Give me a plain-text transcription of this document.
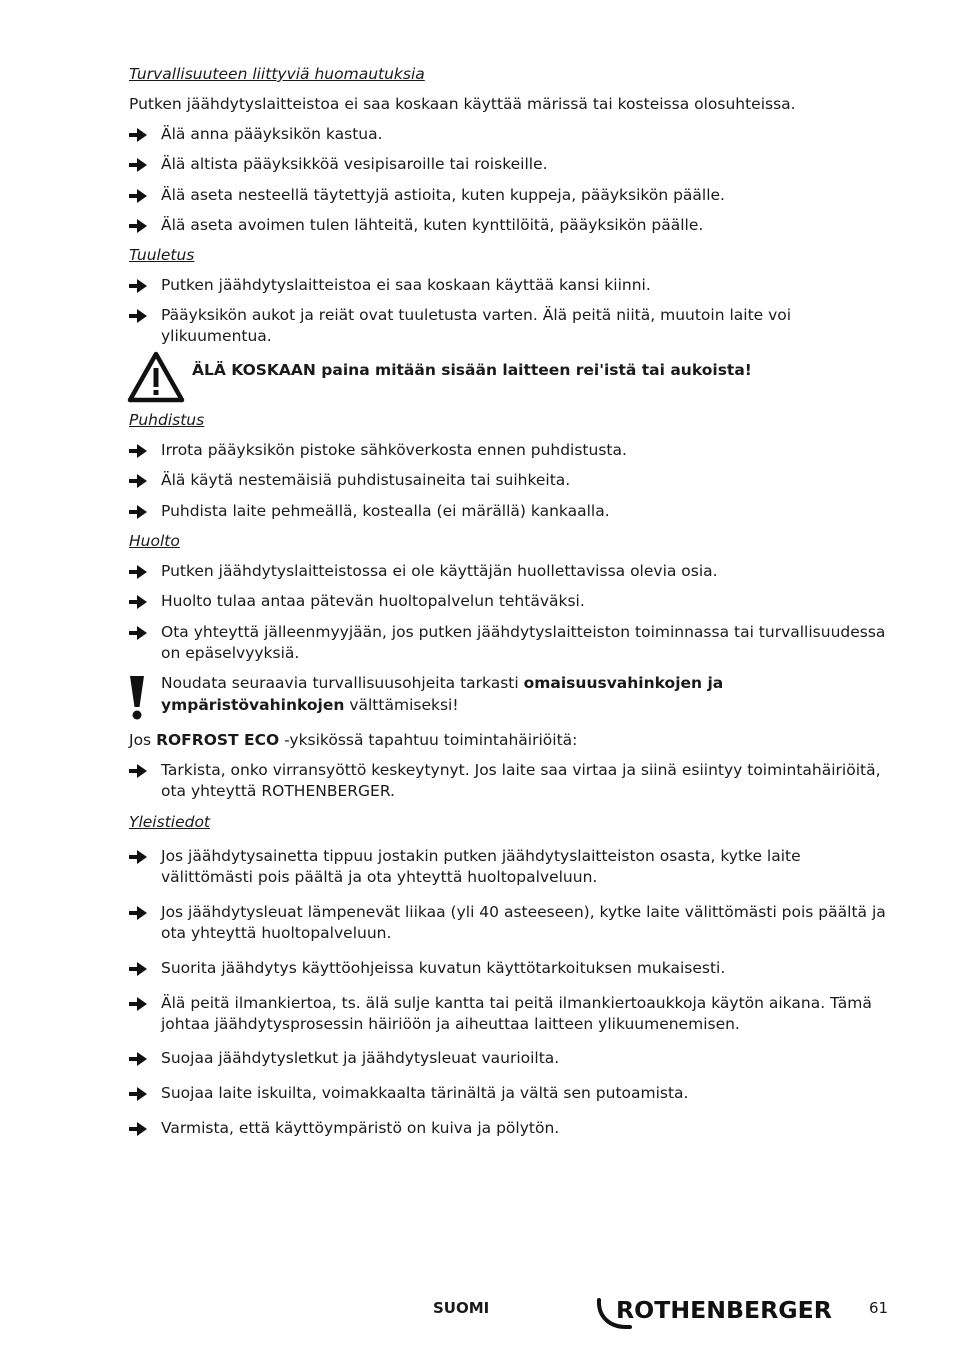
Turvallisuuteen liittyviä huomautuksia
Putken jäähdytyslaitteistoa ei saa koskaan käyttää märissä tai kosteissa olosuhteissa.
Älä anna pääyksikön kastua.
Älä altista pääyksikköä vesipisaroille tai roiskeille.
Älä aseta nesteellä täytettyjä astioita, kuten kuppeja, pääyksikön päälle.
Älä aseta avoimen tulen lähteitä, kuten kynttilöitä, pääyksikön päälle.
Tuuletus
Putken jäähdytyslaitteistoa ei saa koskaan käyttää kansi kiinni.
Pääyksikön aukot ja reiät ovat tuuletusta varten. Älä peitä niitä, muutoin laite voi ylikuumentua.
ÄLÄ KOSKAAN paina mitään sisään laitteen rei'istä tai aukoista!
Puhdistus
Irrota pääyksikön pistoke sähköverkosta ennen puhdistusta.
Älä käytä nestemäisiä puhdistusaineita tai suihkeita.
Puhdista laite pehmeällä, kostealla (ei märällä) kankaalla.
Huolto
Putken jäähdytyslaitteistossa ei ole käyttäjän huollettavissa olevia osia.
Huolto tulaa antaa pätevän huoltopalvelun tehtäväksi.
Ota yhteyttä jälleenmyyjään, jos putken jäähdytyslaitteiston toiminnassa tai turvallisuudessa on epäselvyyksiä.
Noudata seuraavia turvallisuusohjeita tarkasti omaisuusvahinkojen ja ympäristövahinkojen välttämiseksi!
Jos ROFROST ECO -yksikössä tapahtuu toimintahäiriöitä:
Tarkista, onko virransyöttö keskeytynyt. Jos laite saa virtaa ja siinä esiintyy toimintahäiriöitä, ota yhteyttä ROTHENBERGER.
Yleistiedot
Jos jäähdytysainetta tippuu jostakin putken jäähdytyslaitteiston osasta, kytke laite välittömästi pois päältä ja ota yhteyttä huoltopalveluun.
Jos jäähdytysleuat lämpenevät liikaa (yli 40 asteeseen), kytke laite välittömästi pois päältä ja ota yhteyttä huoltopalveluun.
Suorita jäähdytys käyttöohjeissa kuvatun käyttötarkoituksen mukaisesti.
Älä peitä ilmankiertoa, ts. älä sulje kantta tai peitä ilmankiertoaukkoja käytön aikana. Tämä johtaa jäähdytysprosessin häiriöön ja aiheuttaa laitteen ylikuumenemisen.
Suojaa jäähdytysletkut ja jäähdytysleuat vaurioilta.
Suojaa laite iskuilta, voimakkaalta tärinältä ja vältä sen putoamista.
Varmista, että käyttöympäristö on kuiva ja pölytön.
SUOMI	ROTHENBERGER 61
